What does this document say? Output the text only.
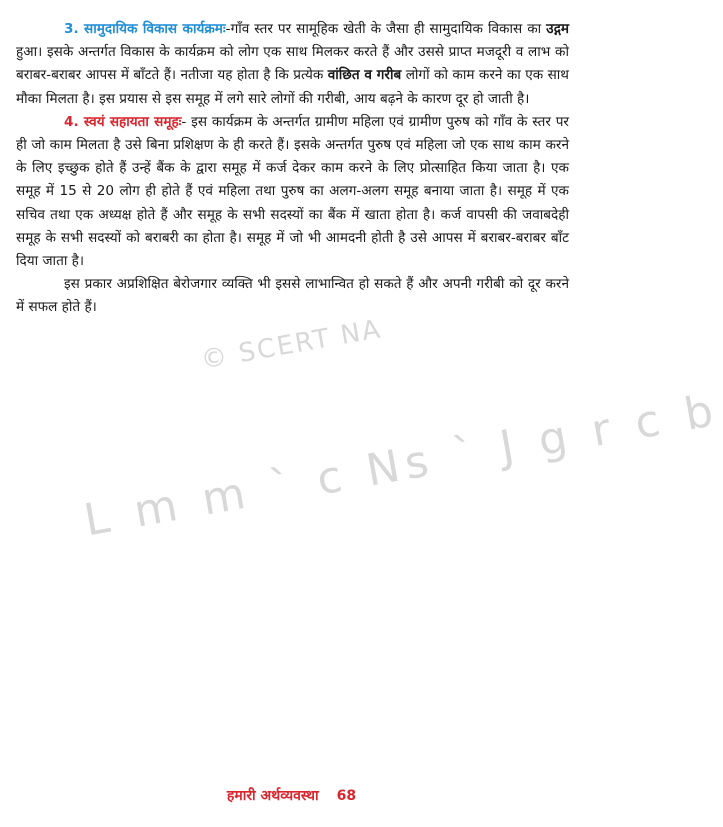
3. सामुदायिक विकास कार्यक्रमः-गाँव स्तर पर सामूहिक खेती के जैसा ही सामुदायिक विकास का उद्गम हुआ। इसके अन्तर्गत विकास के कार्यक्रम को लोग एक साथ मिलकर करते हैं और उससे प्राप्त मजदूरी व लाभ को बराबर-बराबर आपस में बाँटते हैं। नतीजा यह होता है कि प्रत्येक वांछित व गरीब लोगों को काम करने का एक साथ मौका मिलता है। इस प्रयास से इस समूह में लगे सारे लोगों की गरीबी, आय बढ़ने के कारण दूर हो जाती है।

4. स्वयं सहायता समूहः- इस कार्यक्रम के अन्तर्गत ग्रामीण महिला एवं ग्रामीण पुरुष को गाँव के स्तर पर ही जो काम मिलता है उसे बिना प्रशिक्षण के ही करते हैं। इसके अन्तर्गत पुरुष एवं महिला जो एक साथ काम करने के लिए इच्छुक होते हैं उन्हें बैंक के द्वारा समूह में कर्ज देकर काम करने के लिए प्रोत्साहित किया जाता है। एक समूह में 15 से 20 लोग ही होते हैं एवं महिला तथा पुरुष का अलग-अलग समूह बनाया जाता है। समूह में एक सचिव तथा एक अध्यक्ष होते हैं और समूह के सभी सदस्यों का बैंक में खाता होता है। कर्ज वापसी की जवाबदेही समूह के सभी सदस्यों को बराबरी का होता है। समूह में जो भी आमदनी होती है उसे आपस में बराबर-बराबर बाँट दिया जाता है।

इस प्रकार अप्रशिक्षित बेरोजगार व्यक्ति भी इससे लाभान्वित हो सकते हैं और अपनी गरीबी को दूर करने में सफल होते हैं।

© SCERT NA
L m m ` c Ns ` J g r c b
हमारी अर्थव्यवस्था 68
